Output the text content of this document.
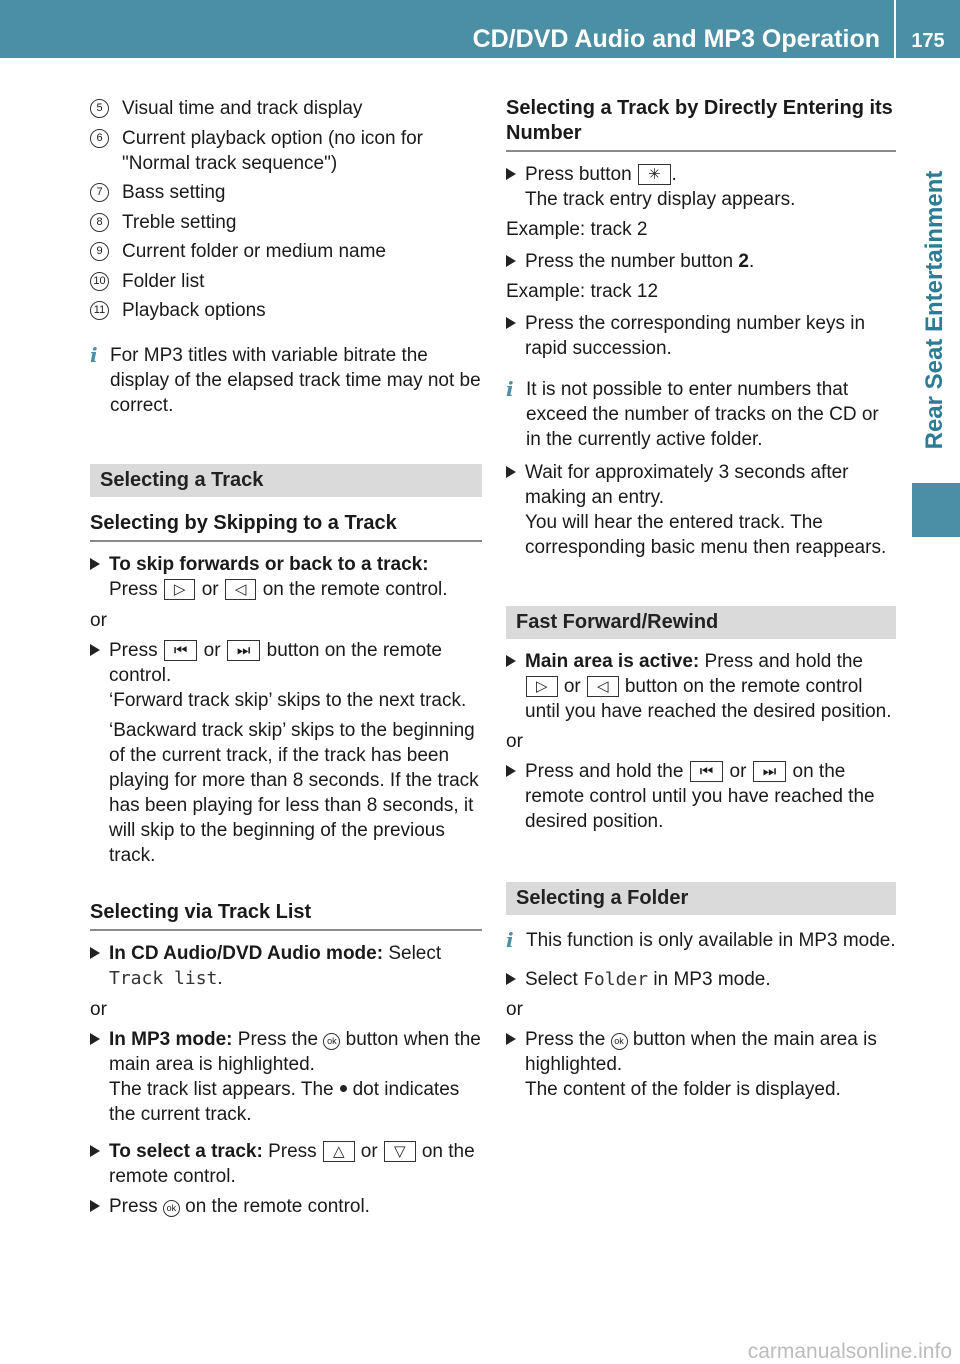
CD/DVD Audio and MP3 Operation	175
Rear Seat Entertainment
5	Visual time and track display
6	Current playback option (no icon for "Normal track sequence")
7	Bass setting
8	Treble setting
9	Current folder or medium name
10 Folder list
11 Playback options
i For MP3 titles with variable bitrate the display of the elapsed track time may not be correct.
Selecting a Track
Selecting by Skipping to a Track
To skip forwards or back to a track:
Press ▷ or ◁ on the remote control.
or
Press ⏮ or ⏭ button on the remote control.
‘Forward track skip’ skips to the next track.
‘Backward track skip’ skips to the beginning of the current track, if the track has been playing for more than 8 seconds. If the track has been playing for less than 8 seconds, it will skip to the beginning of the previous track.
Selecting via Track List
In CD Audio/DVD Audio mode: Select
Track list.
or
In MP3 mode: Press the ok button when the main area is highlighted.
The track list appears. The dot indicates the current track.
To select a track: Press △ or ▽ on the remote control.
Press ok on the remote control.
Selecting a Track by Directly Entering its Number
Press button ✳ .
The track entry display appears.
Example: track 2
Press the number button 2.
Example: track 12
Press the corresponding number keys in rapid succession.
i It is not possible to enter numbers that exceed the number of tracks on the CD or in the currently active folder.
Wait for approximately 3 seconds after making an entry.
You will hear the entered track. The corresponding basic menu then reappears.
Fast Forward/Rewind
Main area is active: Press and hold the ▷ or ◁ button on the remote control until you have reached the desired position.
or
Press and hold the ⏮ or ⏭ on the remote control until you have reached the desired position.
Selecting a Folder
i This function is only available in MP3 mode.
Select Folder in MP3 mode.
or
Press the ok button when the main area is highlighted.
The content of the folder is displayed.
carmanualsonline.info
